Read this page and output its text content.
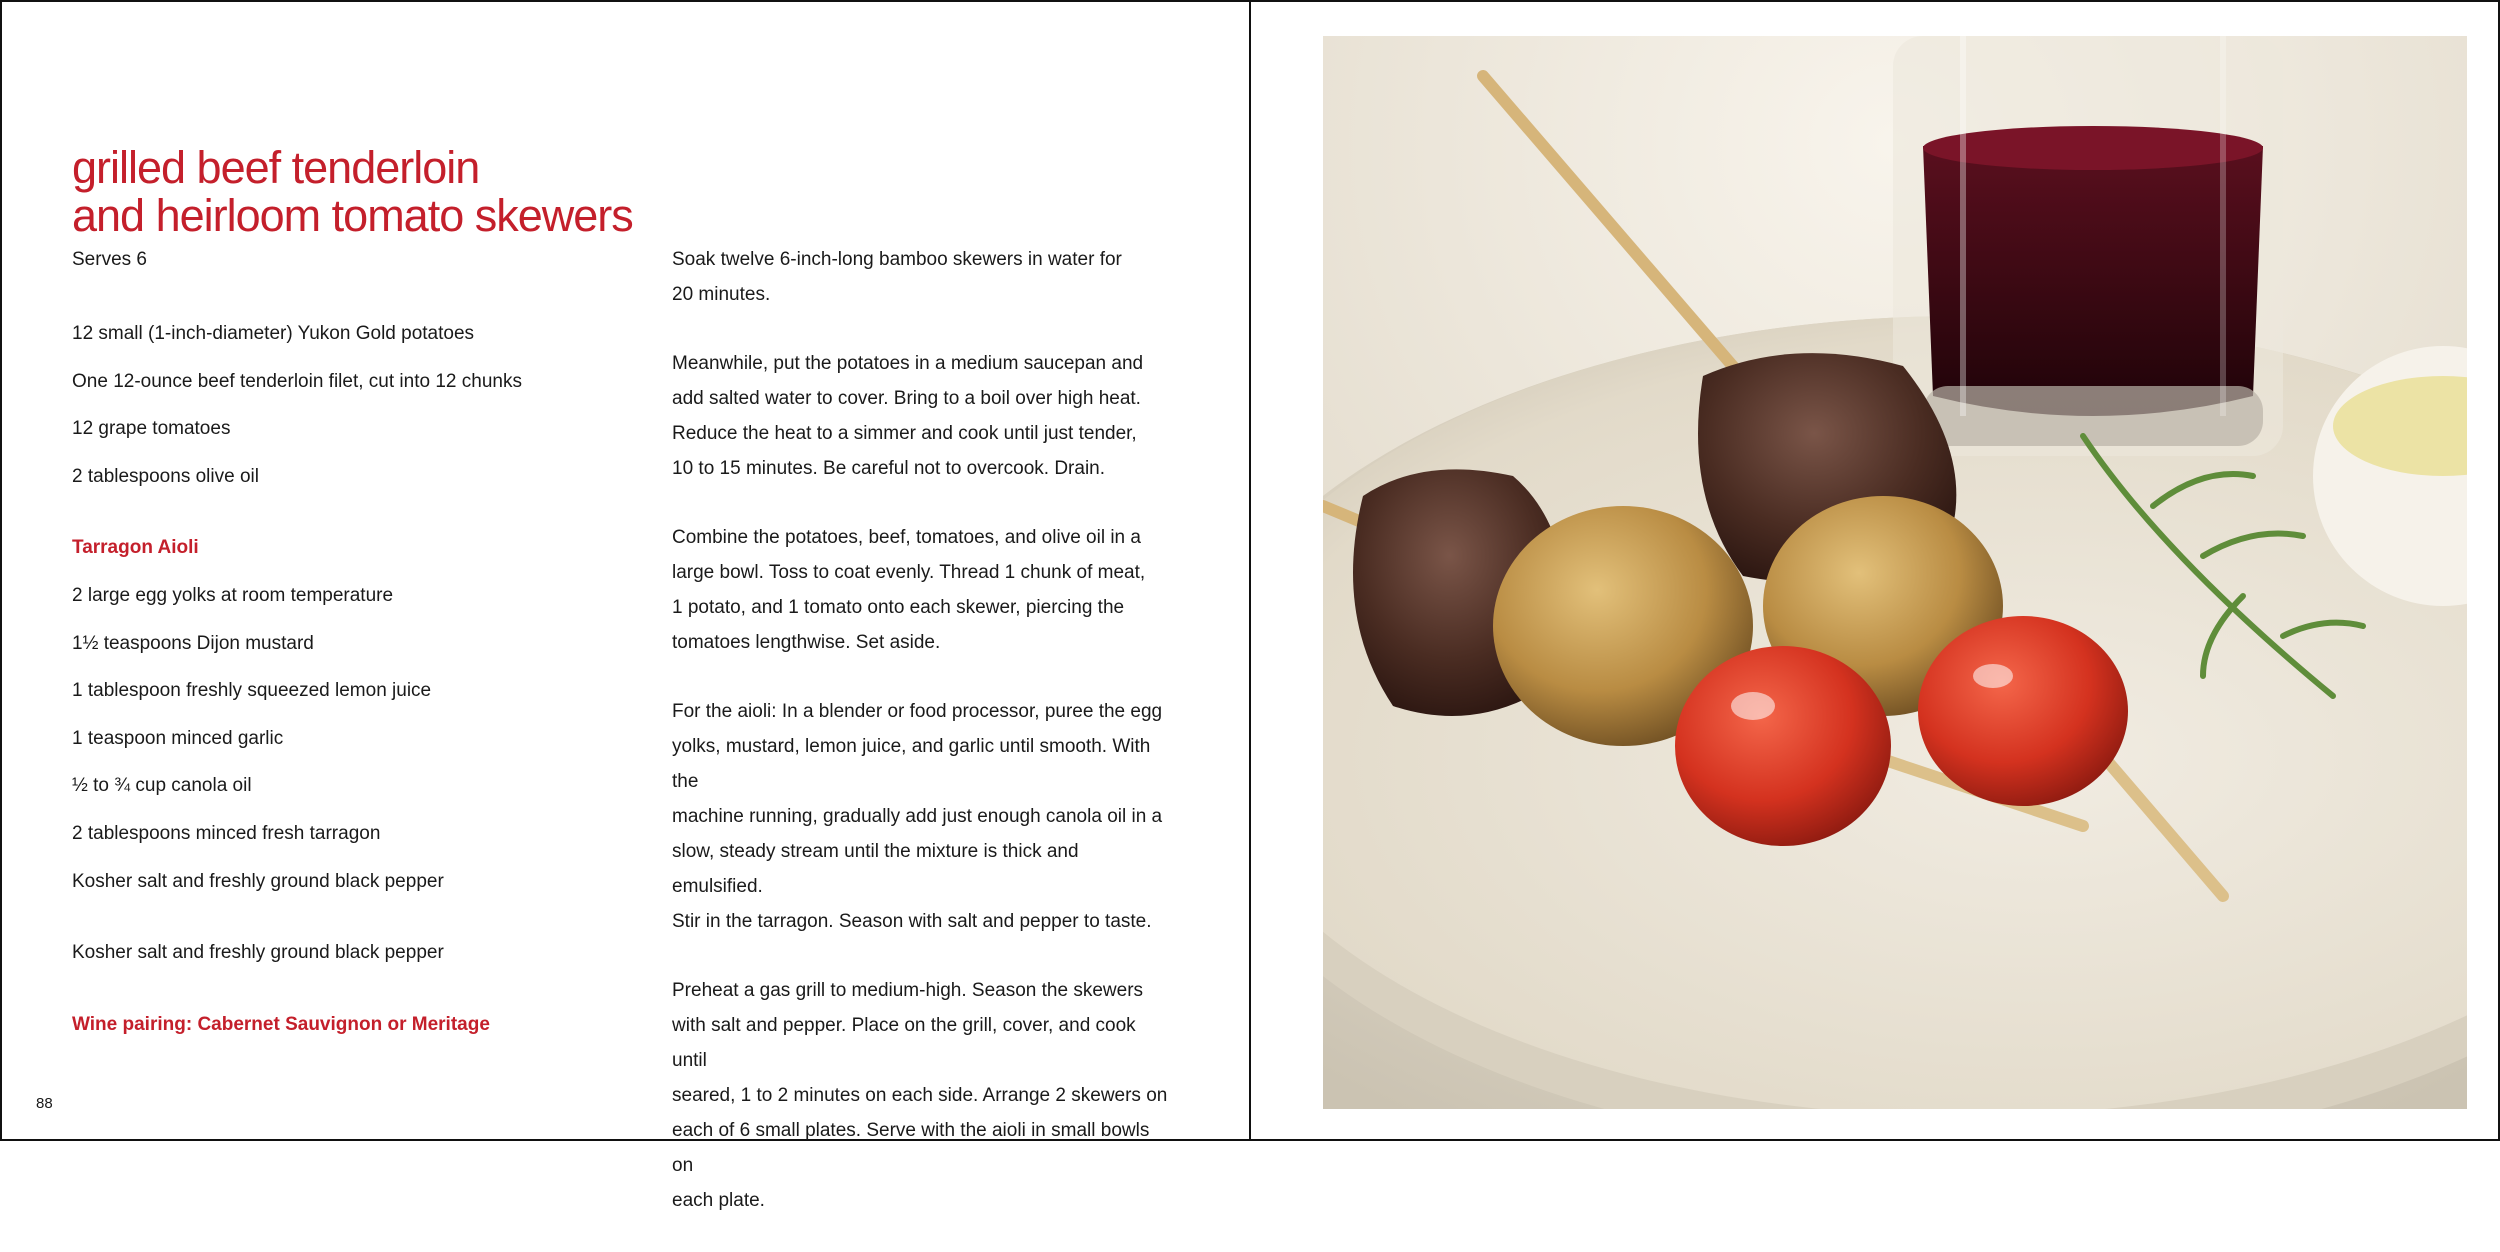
grilled beef tenderloin
and heirloom tomato skewers
Serves 6
12 small (1-inch-diameter) Yukon Gold potatoes
One 12-ounce beef tenderloin filet, cut into 12 chunks
12 grape tomatoes
2 tablespoons olive oil
Tarragon Aioli
2 large egg yolks at room temperature
1½ teaspoons Dijon mustard
1 tablespoon freshly squeezed lemon juice
1 teaspoon minced garlic
½ to ¾ cup canola oil
2 tablespoons minced fresh tarragon
Kosher salt and freshly ground black pepper
Kosher salt and freshly ground black pepper
Wine pairing: Cabernet Sauvignon or Meritage

Soak twelve 6-inch-long bamboo skewers in water for
20 minutes.

Meanwhile, put the potatoes in a medium saucepan and
add salted water to cover. Bring to a boil over high heat.
Reduce the heat to a simmer and cook until just tender,
10 to 15 minutes. Be careful not to overcook. Drain.

Combine the potatoes, beef, tomatoes, and olive oil in a
large bowl. Toss to coat evenly. Thread 1 chunk of meat,
1 potato, and 1 tomato onto each skewer, piercing the
tomatoes lengthwise. Set aside.

For the aioli: In a blender or food processor, puree the egg
yolks, mustard, lemon juice, and garlic until smooth. With the
machine running, gradually add just enough canola oil in a
slow, steady stream until the mixture is thick and emulsified.
Stir in the tarragon. Season with salt and pepper to taste.

Preheat a gas grill to medium-high. Season the skewers
with salt and pepper. Place on the grill, cover, and cook until
seared, 1 to 2 minutes on each side. Arrange 2 skewers on
each of 6 small plates. Serve with the aioli in small bowls on
each plate.

88
